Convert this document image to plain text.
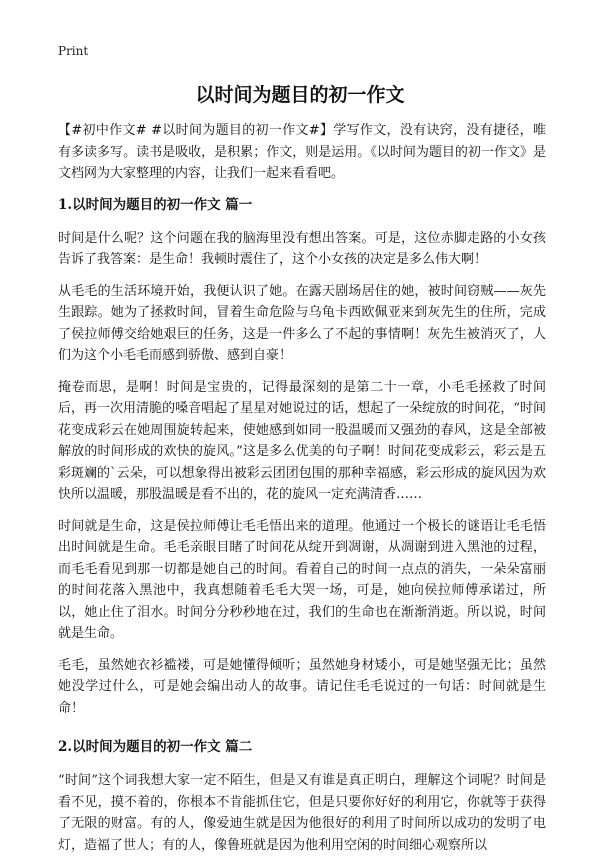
Print
以时间为题目的初一作文

【#初中作文# #以时间为题目的初一作文#】学写作文，没有诀窍，没有捷径，唯有多读多写。读书是吸收，是积累；作文，则是运用。《以时间为题目的初一作文》是文档网为大家整理的内容，让我们一起来看看吧。

1.以时间为题目的初一作文 篇一

时间是什么呢？这个问题在我的脑海里没有想出答案。可是，这位赤脚走路的小女孩告诉了我答案：是生命！我顿时震住了，这个小女孩的决定是多么伟大啊！

从毛毛的生活环境开始，我便认识了她。在露天剧场居住的她，被时间窃贼——灰先生跟踪。她为了拯救时间，冒着生命危险与乌龟卡西欧佩亚来到灰先生的住所，完成了侯拉师傅交给她艰巨的任务，这是一件多么了不起的事情啊！灰先生被消灭了，人们为这个小毛毛而感到骄傲、感到自豪！

掩卷而思，是啊！时间是宝贵的，记得最深刻的是第二十一章，小毛毛拯救了时间后，再一次用清脆的嗓音唱起了星星对她说过的话，想起了一朵绽放的时间花，“时间花变成彩云在她周围旋转起来，使她感到如同一股温暖而又强劲的春风，这是全部被解放的时间形成的欢快的旋风。”这是多么优美的句子啊！时间花变成彩云，彩云是五彩斑斓的`云朵，可以想象得出被彩云团团包围的那种幸福感，彩云形成的旋风因为欢快所以温暖，那股温暖是看不出的，花的旋风一定充满清香……

时间就是生命，这是侯拉师傅让毛毛悟出来的道理。他通过一个极长的谜语让毛毛悟出时间就是生命。毛毛亲眼目睹了时间花从绽开到凋谢，从凋谢到进入黑池的过程，而毛毛看见到那一切都是她自己的时间。看着自己的时间一点点的消失，一朵朵富丽的时间花落入黑池中，我真想随着毛毛大哭一场，可是，她向侯拉师傅承诺过，所以，她止住了泪水。时间分分秒秒地在过，我们的生命也在渐渐消逝。所以说，时间就是生命。

毛毛，虽然她衣衫褴褛，可是她懂得倾听；虽然她身材矮小，可是她坚强无比；虽然她没学过什么，可是她会编出动人的故事。请记住毛毛说过的一句话：时间就是生命！

2.以时间为题目的初一作文 篇二

“时间”这个词我想大家一定不陌生，但是又有谁是真正明白，理解这个词呢？时间是看不见，摸不着的，你根本不肯能抓住它，但是只要你好好的利用它，你就等于获得了无限的财富。有的人，像爱迪生就是因为他很好的利用了时间所以成功的发明了电灯，造福了世人；有的人，像鲁班就是因为他利用空闲的时间细心观察所以
